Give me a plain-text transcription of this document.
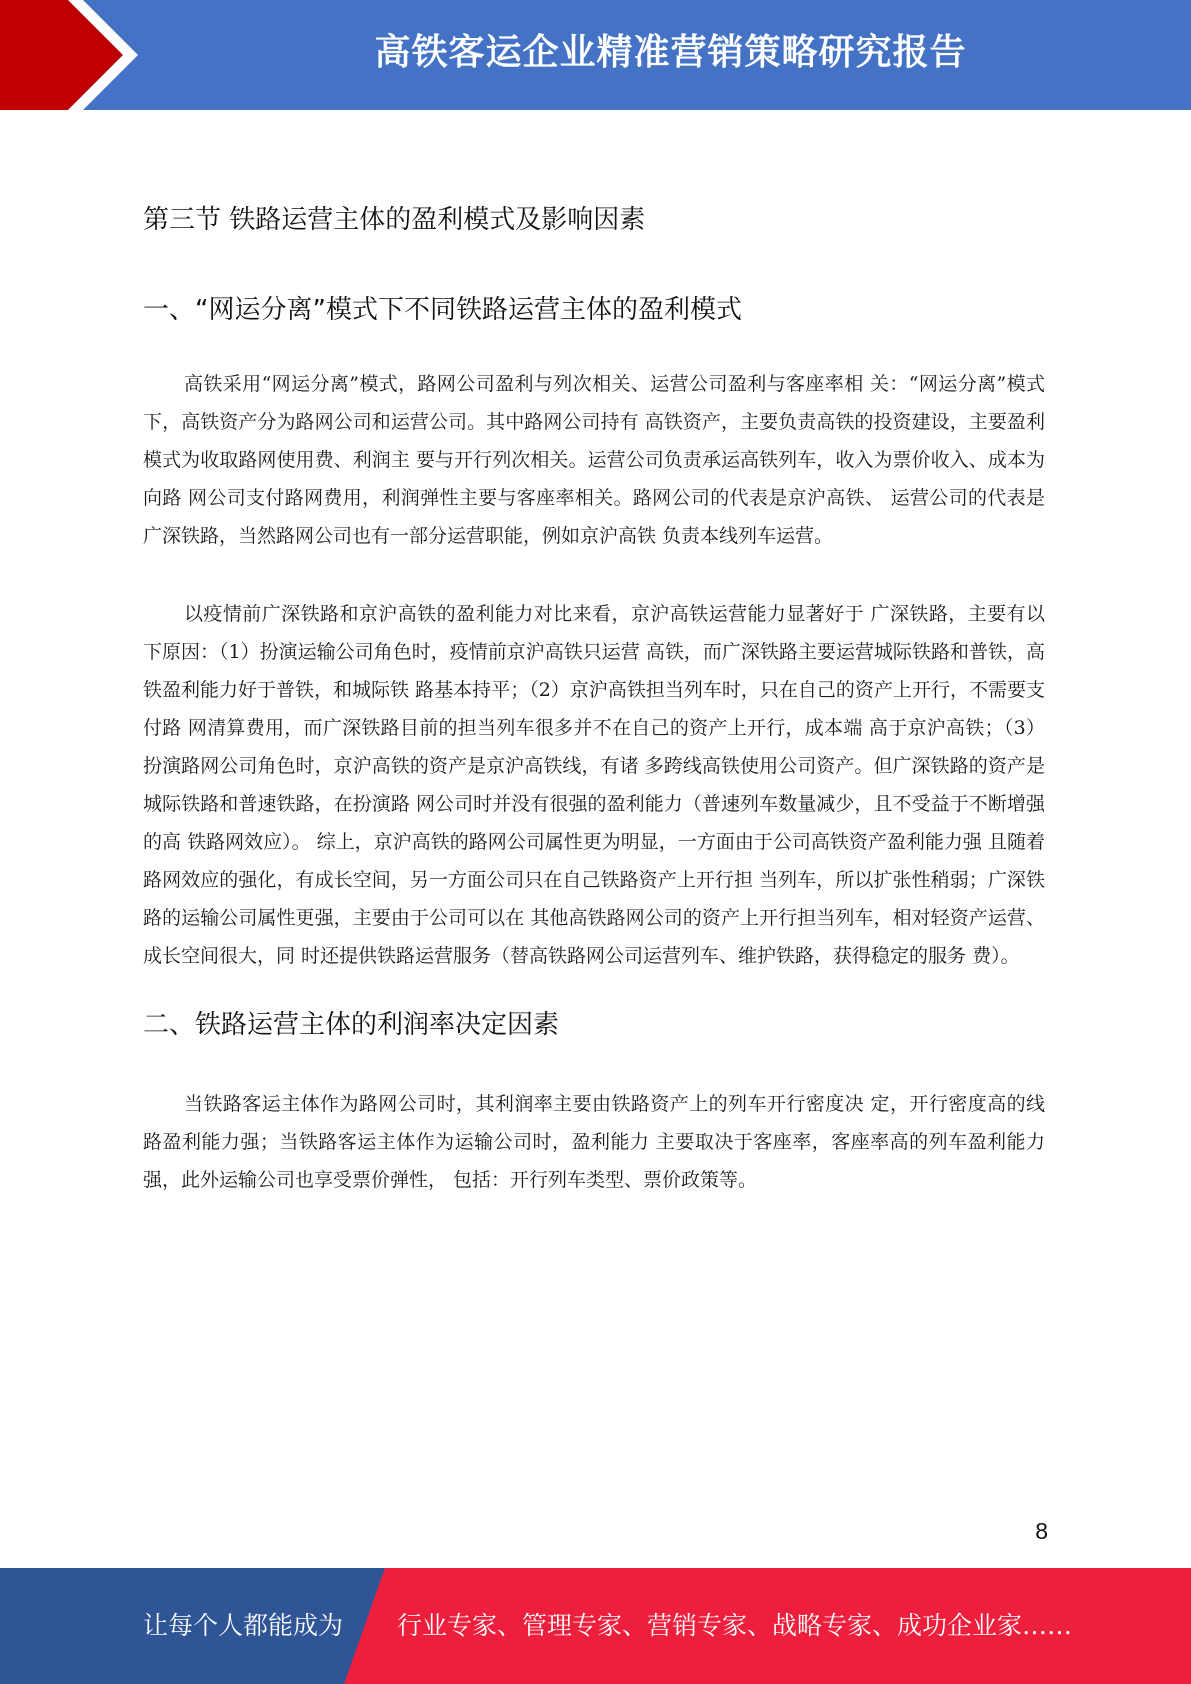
高铁客运企业精准营销策略研究报告
第三节 铁路运营主体的盈利模式及影响因素
一、“网运分离”模式下不同铁路运营主体的盈利模式

高铁采用“网运分离”模式，路网公司盈利与列次相关、运营公司盈利与客座率相 关：“网运分离”模式下，高铁资产分为路网公司和运营公司。其中路网公司持有 高铁资产，主要负责高铁的投资建设，主要盈利模式为收取路网使用费、利润主 要与开行列次相关。运营公司负责承运高铁列车，收入为票价收入、成本为向路 网公司支付路网费用，利润弹性主要与客座率相关。路网公司的代表是京沪高铁、 运营公司的代表是广深铁路，当然路网公司也有一部分运营职能，例如京沪高铁 负责本线列车运营。

以疫情前广深铁路和京沪高铁的盈利能力对比来看，京沪高铁运营能力显著好于 广深铁路，主要有以下原因：（1）扮演运输公司角色时，疫情前京沪高铁只运营 高铁，而广深铁路主要运营城际铁路和普铁，高铁盈利能力好于普铁，和城际铁 路基本持平；（2）京沪高铁担当列车时，只在自己的资产上开行，不需要支付路 网清算费用，而广深铁路目前的担当列车很多并不在自己的资产上开行，成本端 高于京沪高铁；（3）扮演路网公司角色时，京沪高铁的资产是京沪高铁线，有诸 多跨线高铁使用公司资产。但广深铁路的资产是城际铁路和普速铁路，在扮演路 网公司时并没有很强的盈利能力（普速列车数量减少，且不受益于不断增强的高 铁路网效应）。 综上，京沪高铁的路网公司属性更为明显，一方面由于公司高铁资产盈利能力强 且随着路网效应的强化，有成长空间，另一方面公司只在自己铁路资产上开行担 当列车，所以扩张性稍弱；广深铁路的运输公司属性更强，主要由于公司可以在 其他高铁路网公司的资产上开行担当列车，相对轻资产运营、成长空间很大，同 时还提供铁路运营服务（替高铁路网公司运营列车、维护铁路，获得稳定的服务 费）。

二、铁路运营主体的利润率决定因素

当铁路客运主体作为路网公司时，其利润率主要由铁路资产上的列车开行密度决 定，开行密度高的线路盈利能力强；当铁路客运主体作为运输公司时，盈利能力 主要取决于客座率，客座率高的列车盈利能力强，此外运输公司也享受票价弹性， 包括：开行列车类型、票价政策等。

8
让每个人都能成为 行业专家、管理专家、营销专家、战略专家、成功企业家……
